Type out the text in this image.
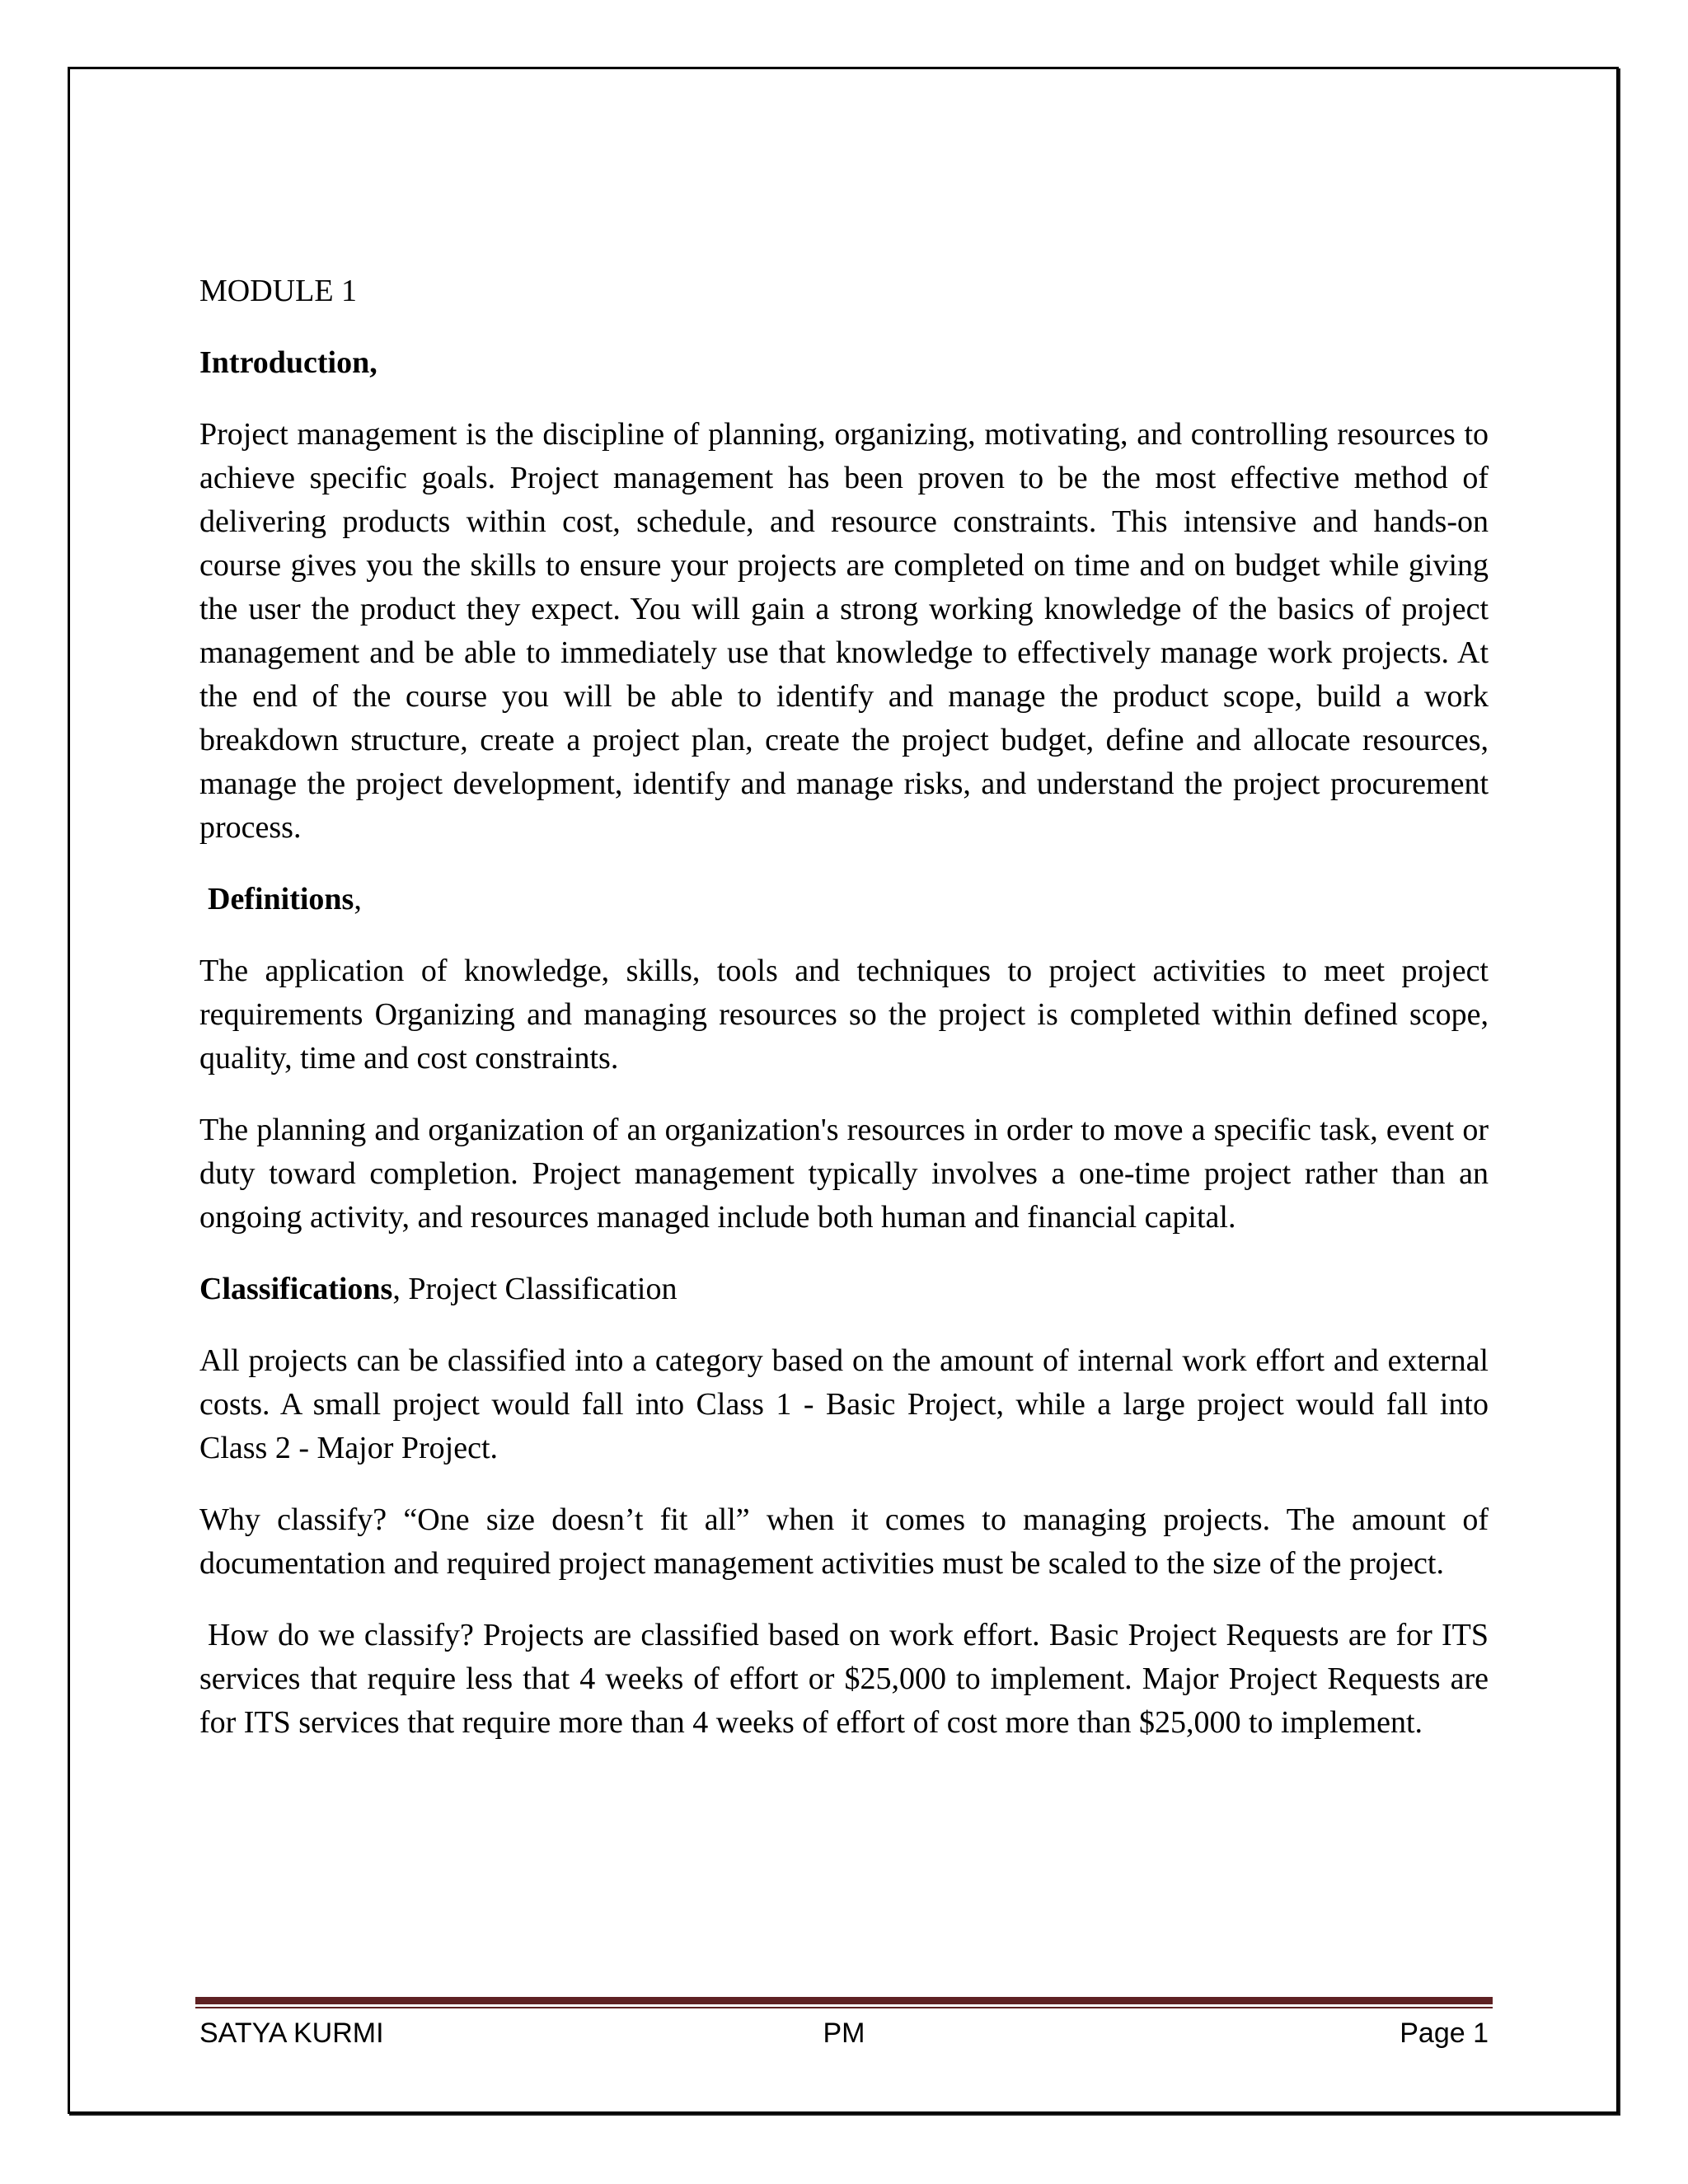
MODULE 1
Introduction,

Project management is the discipline of planning, organizing, motivating, and controlling resources to achieve specific goals. Project management has been proven to be the most effective method of delivering products within cost, schedule, and resource constraints. This intensive and hands-on course gives you the skills to ensure your projects are completed on time and on budget while giving the user the product they expect. You will gain a strong working knowledge of the basics of project management and be able to immediately use that knowledge to effectively manage work projects. At the end of the course you will be able to identify and manage the product scope, build a work breakdown structure, create a project plan, create the project budget, define and allocate resources, manage the project development, identify and manage risks, and understand the project procurement process.

Definitions,

The application of knowledge, skills, tools and techniques to project activities to meet project requirements Organizing and managing resources so the project is completed within defined scope, quality, time and cost constraints.

The planning and organization of an organization's resources in order to move a specific task, event or duty toward completion. Project management typically involves a one-time project rather than an ongoing activity, and resources managed include both human and financial capital.

Classifications, Project Classification

All projects can be classified into a category based on the amount of internal work effort and external costs. A small project would fall into Class 1 - Basic Project, while a large project would fall into Class 2 - Major Project.

Why classify? “One size doesn’t fit all” when it comes to managing projects. The amount of documentation and required project management activities must be scaled to the size of the project.

How do we classify? Projects are classified based on work effort. Basic Project Requests are for ITS services that require less that 4 weeks of effort or $25,000 to implement. Major Project Requests are for ITS services that require more than 4 weeks of effort of cost more than $25,000 to implement.

SATYA KURMI	PM	Page 1
